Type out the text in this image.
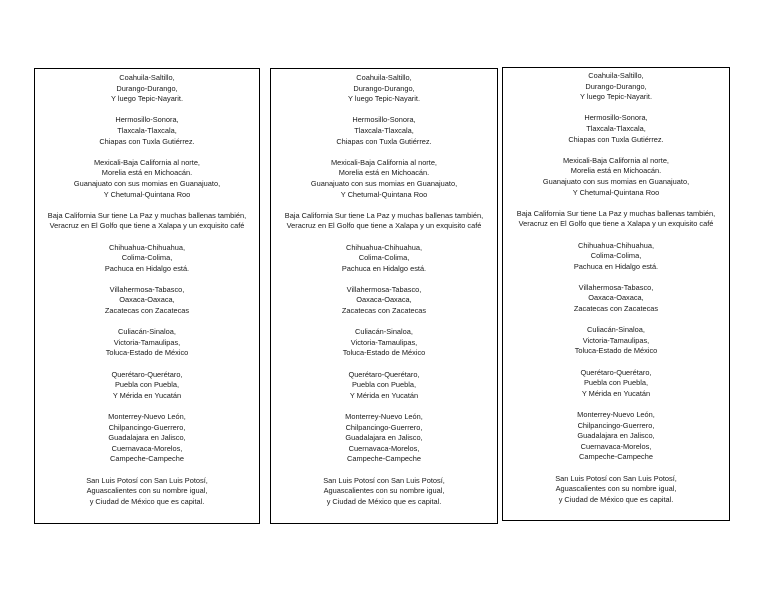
Coahuila-Saltillo,
Durango-Durango,
Y luego Tepic-Nayarit.
Hermosillo-Sonora,
Tlaxcala-Tlaxcala,
Chiapas con Tuxla Gutiérrez.
Mexicali-Baja California al norte,
Morelia está en Michoacán.
Guanajuato con sus momias en Guanajuato,
Y Chetumal-Quintana Roo
Baja California Sur tiene La Paz y muchas ballenas también,
Veracruz en El Golfo que tiene a Xalapa y un exquisito café
Chihuahua-Chihuahua,
Colima-Colima,
Pachuca en Hidalgo está.
Villahermosa-Tabasco,
Oaxaca-Oaxaca,
Zacatecas con Zacatecas
Culiacán-Sinaloa,
Victoria-Tamaulipas,
Toluca-Estado de México
Querétaro-Querétaro,
Puebla con Puebla,
Y Mérida en Yucatán
Monterrey-Nuevo León,
Chilpancingo-Guerrero,
Guadalajara en Jalisco,
Cuernavaca-Morelos,
Campeche-Campeche
San Luis Potosí con San Luis Potosí,
Aguascalientes con su nombre igual,
y Ciudad de México que es capital.
Coahuila-Saltillo,
Durango-Durango,
Y luego Tepic-Nayarit.
Hermosillo-Sonora,
Tlaxcala-Tlaxcala,
Chiapas con Tuxla Gutiérrez.
Mexicali-Baja California al norte,
Morelia está en Michoacán.
Guanajuato con sus momias en Guanajuato,
Y Chetumal-Quintana Roo
Baja California Sur tiene La Paz y muchas ballenas también,
Veracruz en El Golfo que tiene a Xalapa y un exquisito café
Chihuahua-Chihuahua,
Colima-Colima,
Pachuca en Hidalgo está.
Villahermosa-Tabasco,
Oaxaca-Oaxaca,
Zacatecas con Zacatecas
Culiacán-Sinaloa,
Victoria-Tamaulipas,
Toluca-Estado de México
Querétaro-Querétaro,
Puebla con Puebla,
Y Mérida en Yucatán
Monterrey-Nuevo León,
Chilpancingo-Guerrero,
Guadalajara en Jalisco,
Cuernavaca-Morelos,
Campeche-Campeche
San Luis Potosí con San Luis Potosí,
Aguascalientes con su nombre igual,
y Ciudad de México que es capital.
Coahuila-Saltillo,
Durango-Durango,
Y luego Tepic-Nayarit.
Hermosillo-Sonora,
Tlaxcala-Tlaxcala,
Chiapas con Tuxla Gutiérrez.
Mexicali-Baja California al norte,
Morelia está en Michoacán.
Guanajuato con sus momias en Guanajuato,
Y Chetumal-Quintana Roo
Baja California Sur tiene La Paz y muchas ballenas también,
Veracruz en El Golfo que tiene a Xalapa y un exquisito café
Chihuahua-Chihuahua,
Colima-Colima,
Pachuca en Hidalgo está.
Villahermosa-Tabasco,
Oaxaca-Oaxaca,
Zacatecas con Zacatecas
Culiacán-Sinaloa,
Victoria-Tamaulipas,
Toluca-Estado de México
Querétaro-Querétaro,
Puebla con Puebla,
Y Mérida en Yucatán
Monterrey-Nuevo León,
Chilpancingo-Guerrero,
Guadalajara en Jalisco,
Cuernavaca-Morelos,
Campeche-Campeche
San Luis Potosí con San Luis Potosí,
Aguascalientes con su nombre igual,
y Ciudad de México que es capital.
